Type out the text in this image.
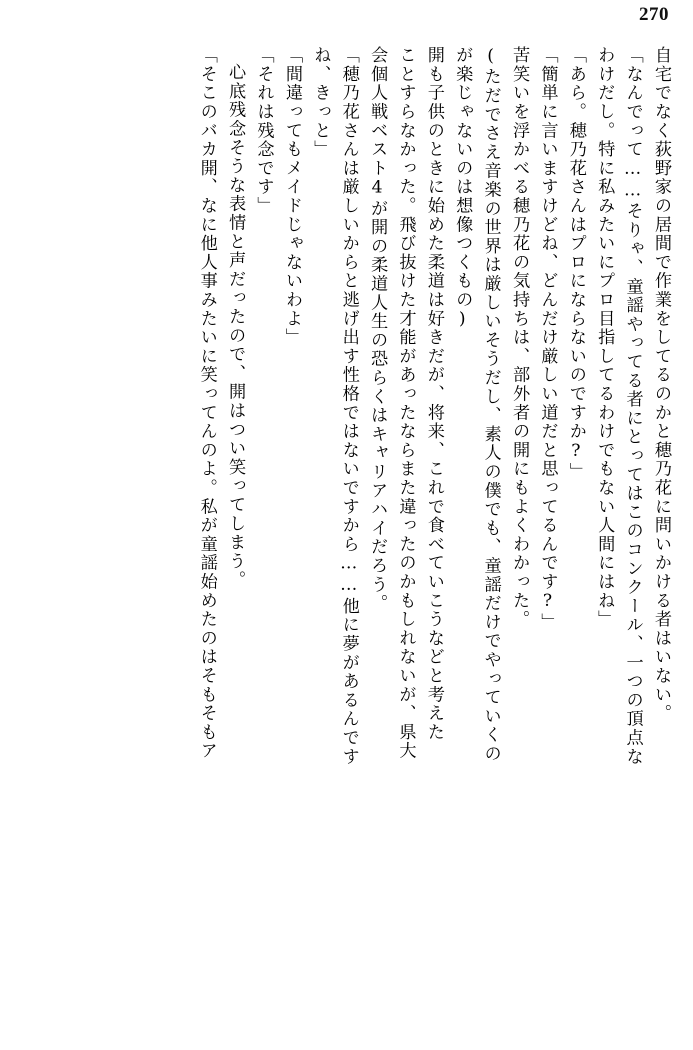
270
自宅でなく荻野家の居間で作業をしてるのかと穂乃花に問いかける者はいない。
「なんでって……そりゃ、童謡やってる者にとってはこのコンクール、一つの頂点な
わけだし。特に私みたいにプロ目指してるわけでもない人間にはね」
「あら。穂乃花さんはプロにならないのですか?」
「簡単に言いますけどね、どんだけ厳しい道だと思ってるんです?」
苦笑いを浮かべる穂乃花の気持ちは、部外者の開にもよくわかった。
(ただでさえ音楽の世界は厳しいそうだし、素人の僕でも、童謡だけでやっていくの
が楽じゃないのは想像つくもの)
開も子供のときに始めた柔道は好きだが、将来、これで食べていこうなどと考えた
ことすらなかった。飛び抜けた才能があったならまた違ったのかもしれないが、県大
会個人戦ベスト4が開の柔道人生の恐らくはキャリアハイだろう。
「穂乃花さんは厳しいからと逃げ出す性格ではないですから……他に夢があるんです
ね、きっと」
「間違ってもメイドじゃないわよ」
「それは残念です」
心底残念そうな表情と声だったので、開はつい笑ってしまう。
「そこのバカ開、なに他人事みたいに笑ってんのよ。私が童謡始めたのはそもそもア
